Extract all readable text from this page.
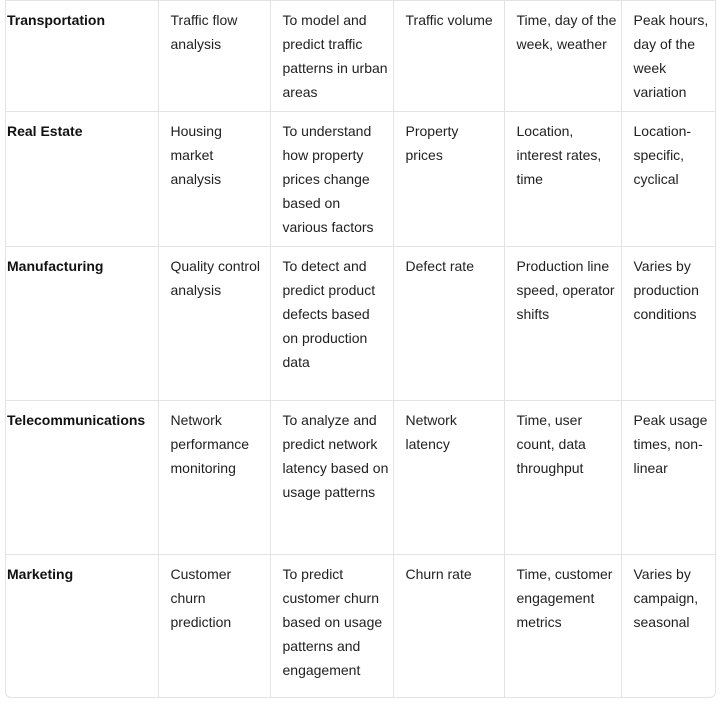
Transportation	Traffic flow analysis	To model and predict traffic patterns in urban areas	Traffic volume	Time, day of the week, weather	Peak hours, day of the week variation
Real Estate	Housing market analysis	To understand how property prices change based on various factors	Property prices	Location, interest rates, time	Location-specific, cyclical
Manufacturing	Quality control analysis	To detect and predict product defects based on production data	Defect rate	Production line speed, operator shifts	Varies by production conditions
Telecommunications	Network performance monitoring	To analyze and predict network latency based on usage patterns	Network latency	Time, user count, data throughput	Peak usage times, non-linear
Marketing	Customer churn prediction	To predict customer churn based on usage patterns and engagement	Churn rate	Time, customer engagement metrics	Varies by campaign, seasonal
